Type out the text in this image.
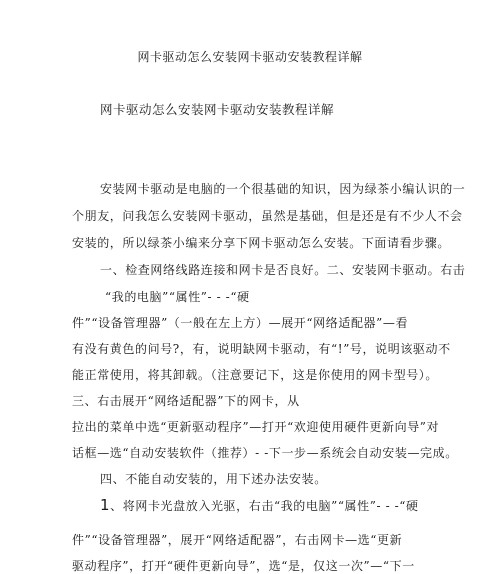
网卡驱动怎么安装网卡驱动安装教程详解
网卡驱动怎么安装网卡驱动安装教程详解
安装网卡驱动是电脑的一个很基础的知识，因为绿茶小编认识的一
个朋友，问我怎么安装网卡驱动，虽然是基础，但是还是有不少人不会
安装的，所以绿茶小编来分享下网卡驱动怎么安装。下面请看步骤。
一、检查网络线路连接和网卡是否良好。二、安装网卡驱动。右击
“我的电脑”“属性”- - -“硬
件”“设备管理器”（一般在左上方）—展开“网络适配器”—看
有没有黄色的问号?，有，说明缺网卡驱动，有“!”号，说明该驱动不
能正常使用，将其卸载。（注意要记下，这是你使用的网卡型号）。
三、右击展开“网络适配器”下的网卡，从
拉出的菜单中选“更新驱动程序”—打开“欢迎使用硬件更新向导”对
话框—选“自动安装软件（推荐）- -下一步—系统会自动安装—完成。
四、不能自动安装的，用下述办法安装。
1、将网卡光盘放入光驱，右击“我的电脑”“属性”- - -“硬
件”“设备管理器”，展开“网络适配器”，右击网卡—选“更新
驱动程序”，打开“硬件更新向导”，选“是，仅这一次”—“下一
